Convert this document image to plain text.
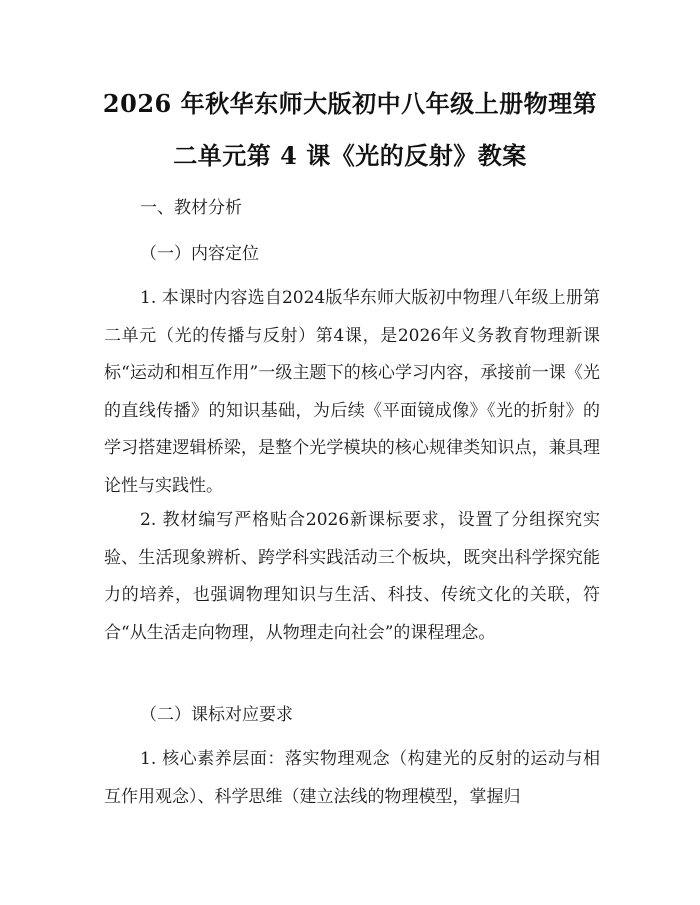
2026 年秋华东师大版初中八年级上册物理第
二单元第 4 课《光的反射》教案
一、教材分析
（一）内容定位
1. 本课时内容选自2024版华东师大版初中物理八年级上册第二单元（光的传播与反射）第4课，是2026年义务教育物理新课标“运动和相互作用”一级主题下的核心学习内容，承接前一课《光的直线传播》的知识基础，为后续《平面镜成像》《光的折射》的学习搭建逻辑桥梁，是整个光学模块的核心规律类知识点，兼具理论性与实践性。
2. 教材编写严格贴合2026新课标要求，设置了分组探究实验、生活现象辨析、跨学科实践活动三个板块，既突出科学探究能力的培养，也强调物理知识与生活、科技、传统文化的关联，符合“从生活走向物理，从物理走向社会”的课程理念。
（二）课标对应要求
1. 核心素养层面：落实物理观念（构建光的反射的运动与相互作用观念）、科学思维（建立法线的物理模型，掌握归
